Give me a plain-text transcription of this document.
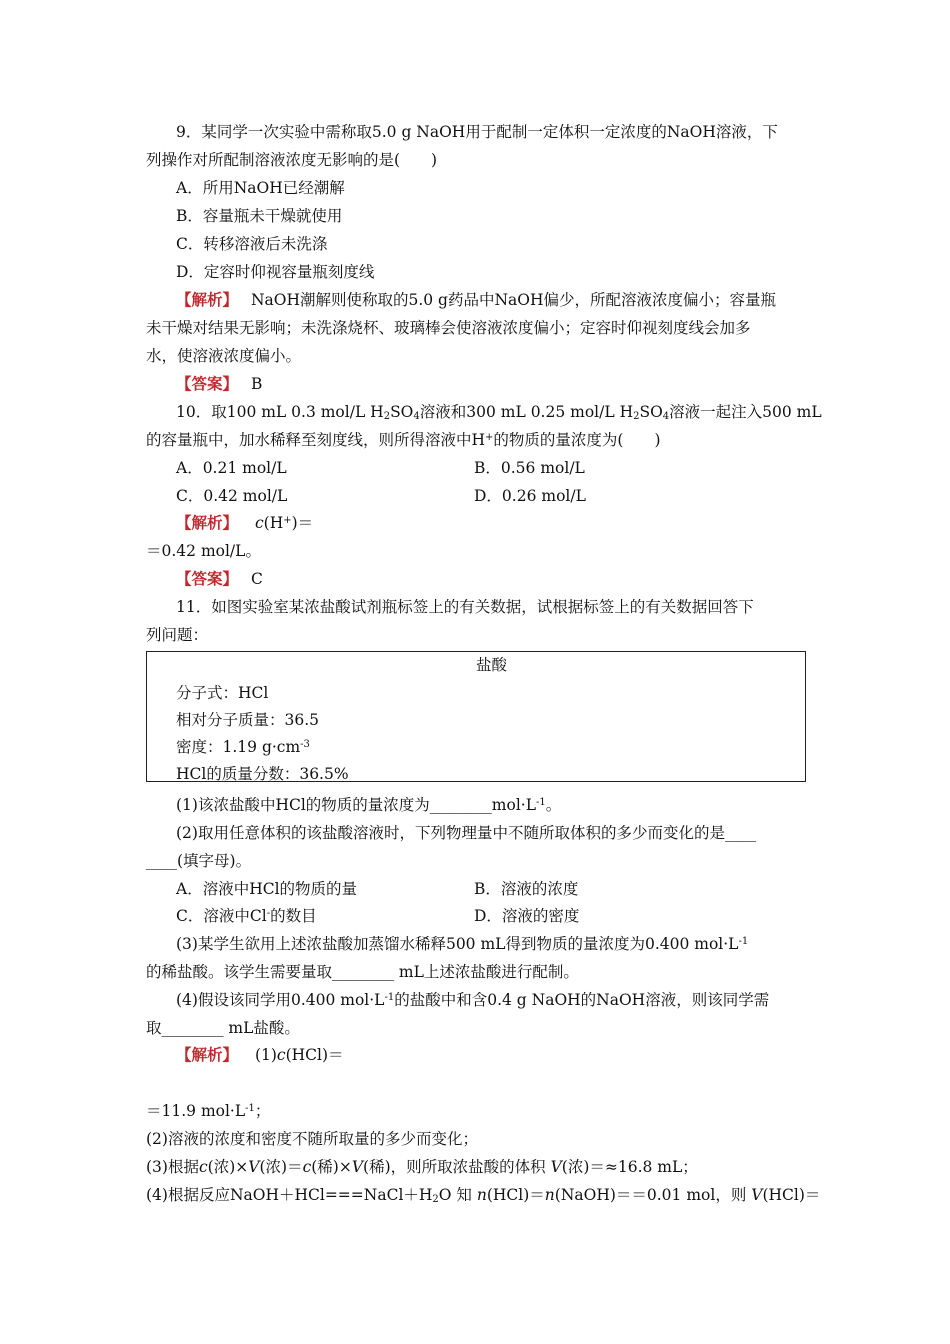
9．某同学一次实验中需称取5.0 g NaOH用于配制一定体积一定浓度的NaOH溶液，下
列操作对所配制溶液浓度无影响的是(　　)
A．所用NaOH已经潮解
B．容量瓶未干燥就使用
C．转移溶液后未洗涤
D．定容时仰视容量瓶刻度线
【解析】 NaOH潮解则使称取的5.0 g药品中NaOH偏少，所配溶液浓度偏小；容量瓶
未干燥对结果无影响；未洗涤烧杯、玻璃棒会使溶液浓度偏小；定容时仰视刻度线会加多
水，使溶液浓度偏小。
【答案】 B
10．取100 mL 0.3 mol/L $H_2SO_4$溶液和300 mL 0.25 mol/L $H_2SO_4$溶液一起注入500 mL
的容量瓶中，加水稀释至刻度线，则所得溶液中H+的物质的量浓度为(　　)
A．0.21 mol/L	B．0.56 mol/L
C．0.42 mol/L	D．0.26 mol/L
【解析】 c(H+)＝
＝0.42 mol/L。
【答案】 C
11．如图实验室某浓盐酸试剂瓶标签上的有关数据，试根据标签上的有关数据回答下
列问题：
盐酸
分子式：HCl
相对分子质量：36.5
密度：1.19 $g\cdot cm^{-3}$
HCl的质量分数：36.5%
(1)该浓盐酸中HCl的物质的量浓度为$\_\_\_\_\_\_\_\_mol\cdot L^{-1}$。
(2)取用任意体积的该盐酸溶液时，下列物理量中不随所取体积的多少而变化的是____
____(填字母)。
A．溶液中HCl的物质的量	B．溶液的浓度
C．溶液中Cl-的数目	D．溶液的密度
(3)某学生欲用上述浓盐酸加蒸馏水稀释500 mL得到物质的量浓度为0.400 $mol\cdot L^{-1}$
的稀盐酸。该学生需要量取________ mL上述浓盐酸进行配制。
(4)假设该同学用0.400 $mol\cdot L^{-1}$的盐酸中和含0.4 g NaOH的NaOH溶液，则该同学需
取________ mL盐酸。
【解析】 (1)c(HCl)＝
＝11.9 $mol\cdot L^{-1}$；
(2)溶液的浓度和密度不随所取量的多少而变化；
(3)根据c(浓)×V(浓)＝c(稀)×V(稀)，则所取浓盐酸的体积 V(浓)＝≈16.8 mL；
(4)根据反应$NaOH+HCl===NaCl+H_2O$ 知 n(HCl)＝n(NaOH)＝＝0.01 mol，则 V(HCl)＝
